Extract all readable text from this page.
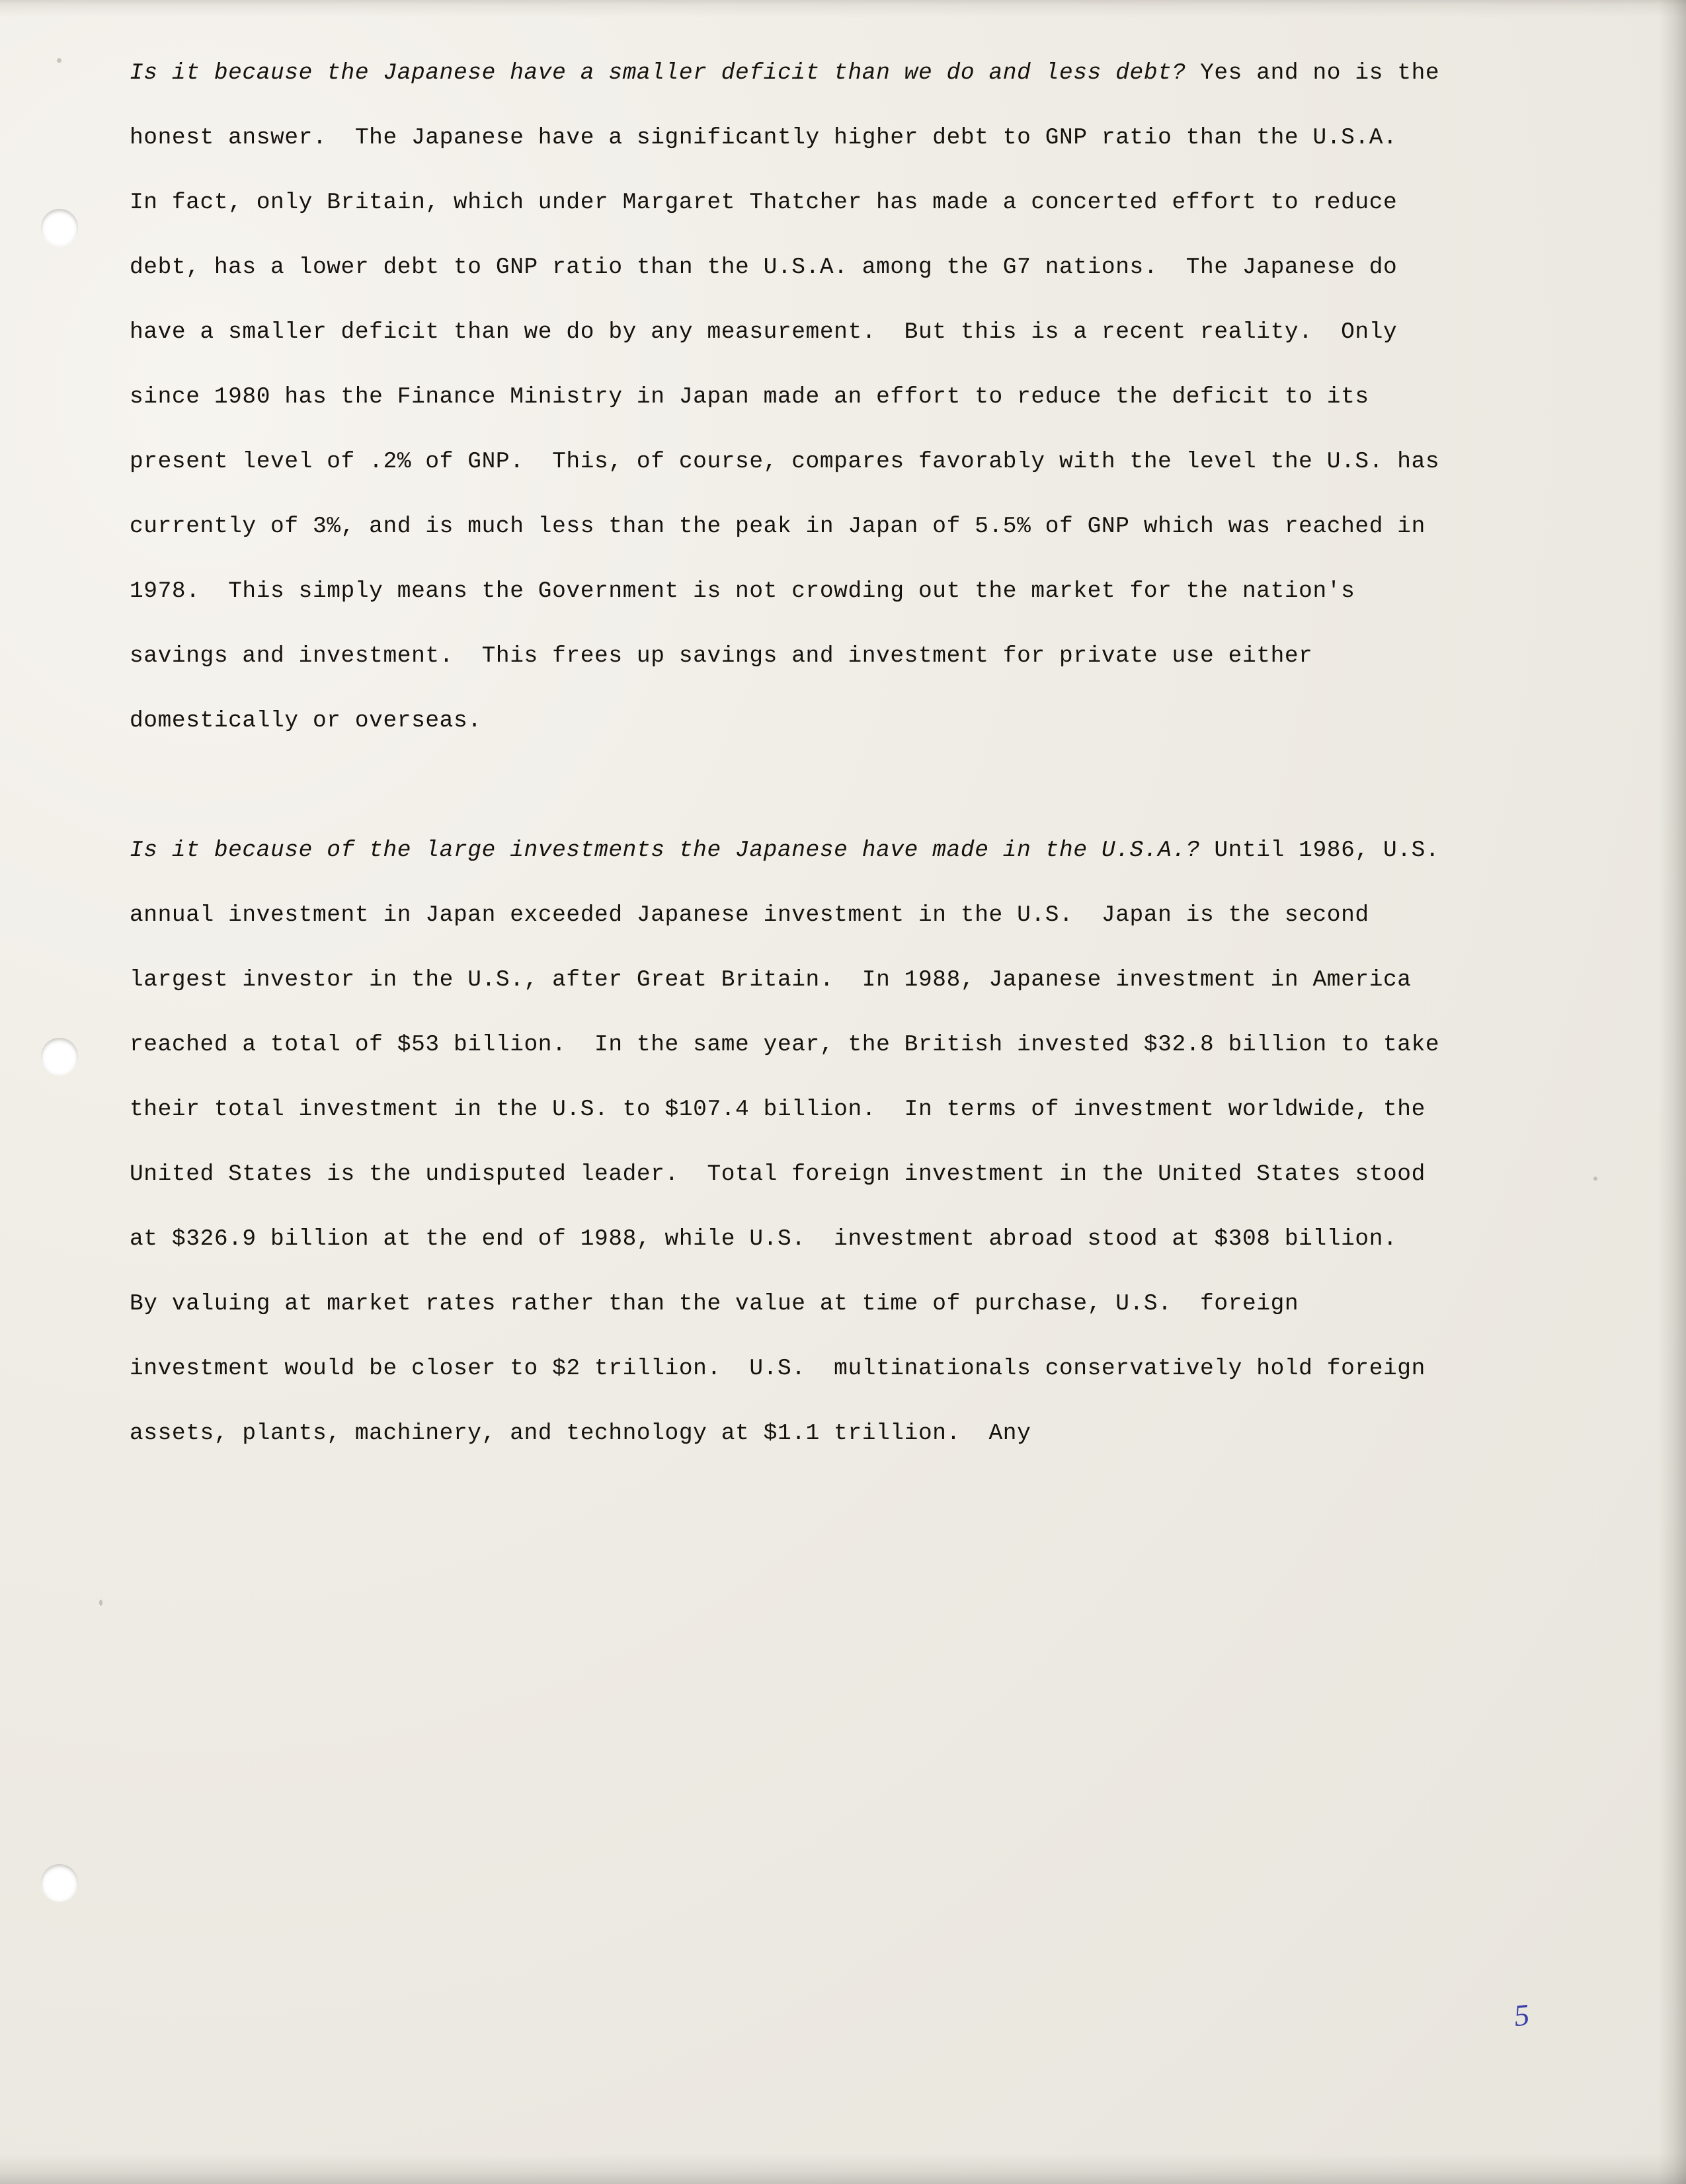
Is it because the Japanese have a smaller deficit than we do and less debt? Yes and no is the honest answer.  The Japanese have a significantly higher debt to GNP ratio than the U.S.A.  In fact, only Britain, which under Margaret Thatcher has made a concerted effort to reduce debt, has a lower debt to GNP ratio than the U.S.A. among the G7 nations.  The Japanese do have a smaller deficit than we do by any measurement.  But this is a recent reality.  Only since 1980 has the Finance Ministry in Japan made an effort to reduce the deficit to its present level of .2% of GNP.  This, of course, compares favorably with the level the U.S. has currently of 3%, and is much less than the peak in Japan of 5.5% of GNP which was reached in 1978.  This simply means the Government is not crowding out the market for the nation's savings and investment.  This frees up savings and investment for private use either domestically or overseas.

Is it because of the large investments the Japanese have made in the U.S.A.? Until 1986, U.S. annual investment in Japan exceeded Japanese investment in the U.S.  Japan is the second largest investor in the U.S., after Great Britain.  In 1988, Japanese investment in America reached a total of $53 billion.  In the same year, the British invested $32.8 billion to take their total investment in the U.S. to $107.4 billion.  In terms of investment worldwide, the United States is the undisputed leader.  Total foreign investment in the United States stood at $326.9 billion at the end of 1988, while U.S.  investment abroad stood at $308 billion.  By valuing at market rates rather than the value at time of purchase, U.S.  foreign investment would be closer to $2 trillion.  U.S.  multinationals conservatively hold foreign assets, plants, machinery, and technology at $1.1 trillion.  Any

5
